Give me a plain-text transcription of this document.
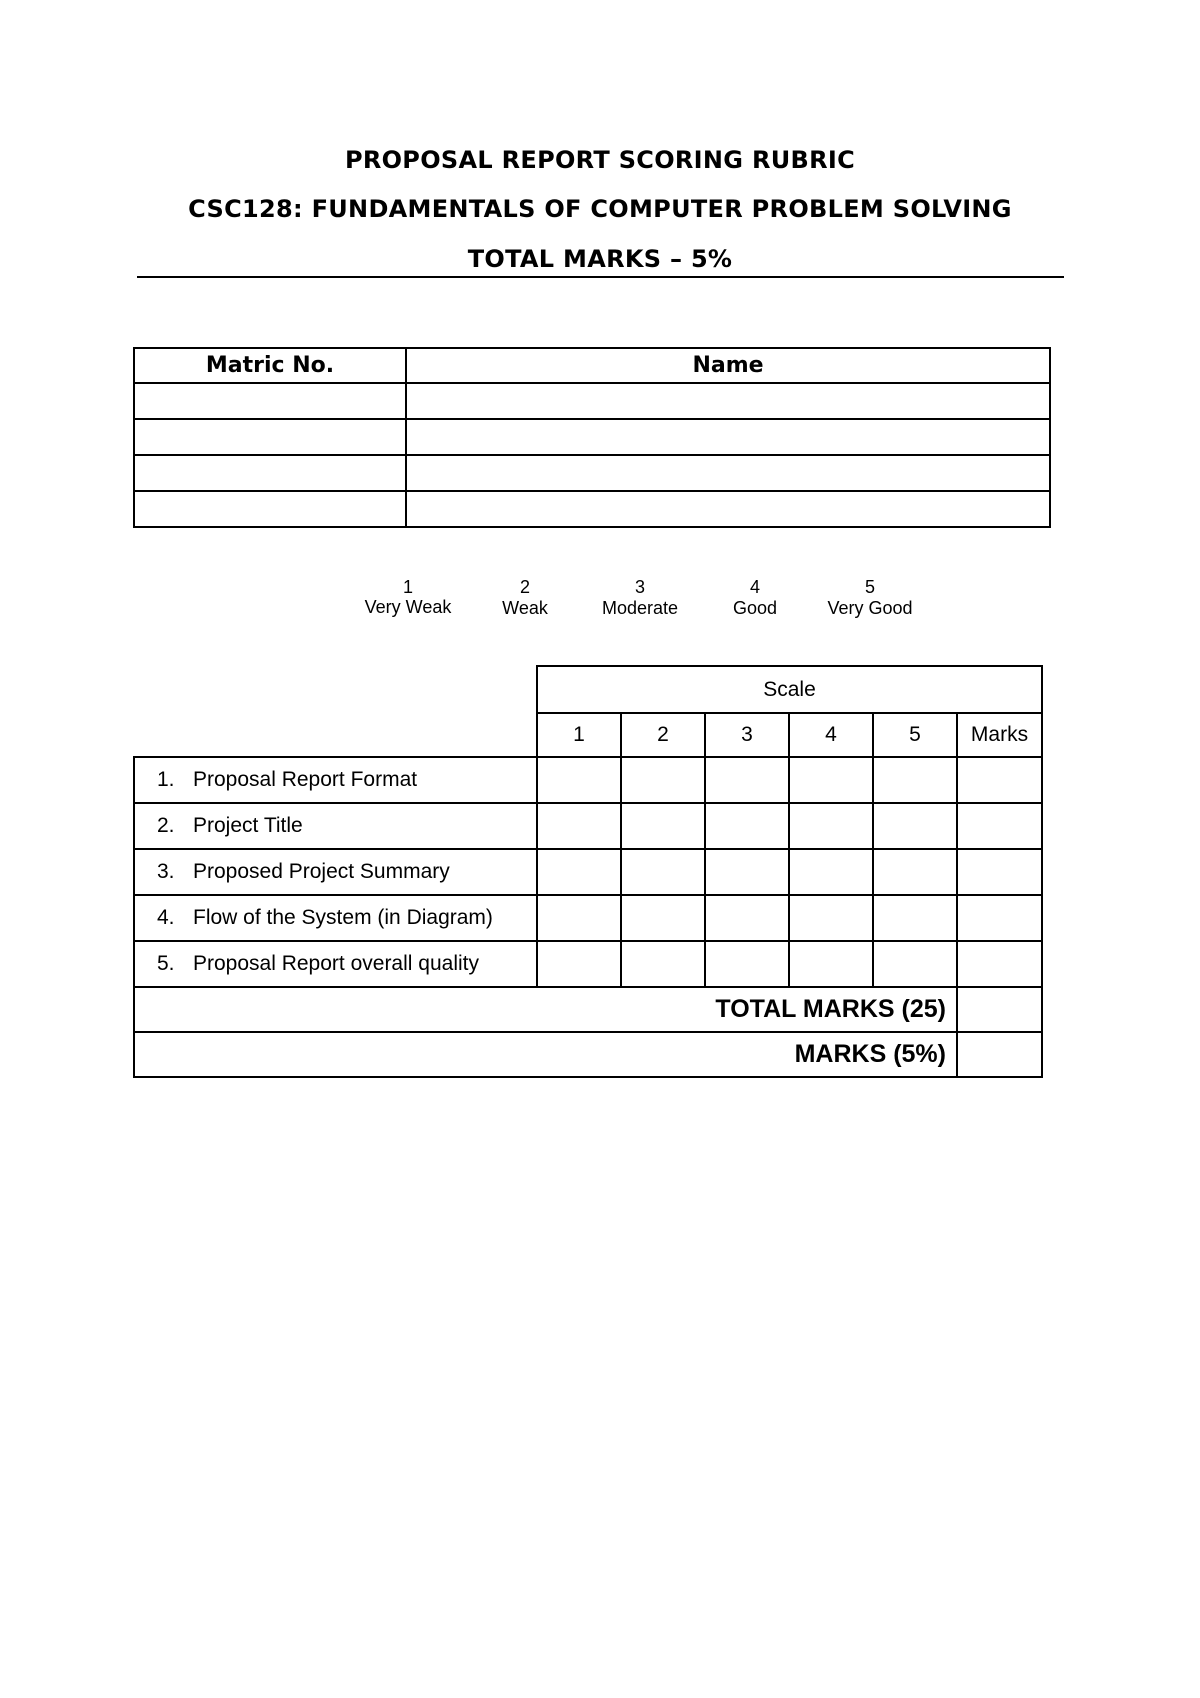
PROPOSAL REPORT SCORING RUBRIC
CSC128: FUNDAMENTALS OF COMPUTER PROBLEM SOLVING
TOTAL MARKS – 5%
Matric No.	Name

1
Very Weak
2
Weak
3
Moderate
4
Good
5
Very Good
	Scale					
	1	2	3	4	5	Marks
1. Proposal Report Format						
2. Project Title						
3. Proposed Project Summary						
4. Flow of the System (in Diagram)						
5. Proposal Report overall quality						
TOTAL MARKS (25)						
MARKS (5%)						
